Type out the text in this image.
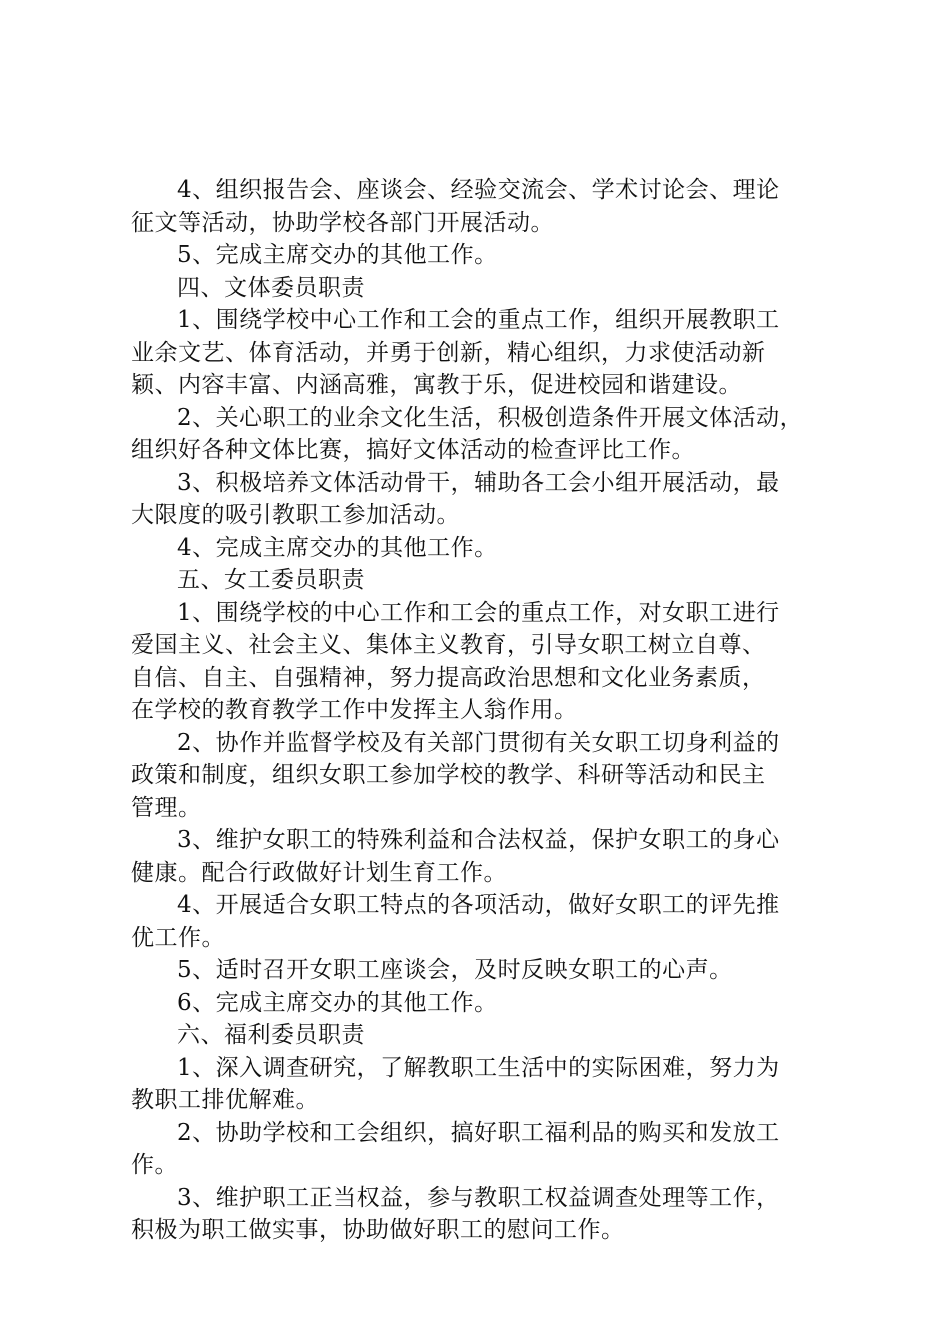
4、组织报告会、座谈会、经验交流会、学术讨论会、理论
征文等活动，协助学校各部门开展活动。
5、完成主席交办的其他工作。
四、文体委员职责
1、围绕学校中心工作和工会的重点工作，组织开展教职工
业余文艺、体育活动，并勇于创新，精心组织，力求使活动新
颖、内容丰富、内涵高雅，寓教于乐，促进校园和谐建设。
2、关心职工的业余文化生活，积极创造条件开展文体活动，
组织好各种文体比赛，搞好文体活动的检查评比工作。
3、积极培养文体活动骨干，辅助各工会小组开展活动，最
大限度的吸引教职工参加活动。
4、完成主席交办的其他工作。
五、女工委员职责
1、围绕学校的中心工作和工会的重点工作，对女职工进行
爱国主义、社会主义、集体主义教育，引导女职工树立自尊、
自信、自主、自强精神，努力提高政治思想和文化业务素质，
在学校的教育教学工作中发挥主人翁作用。
2、协作并监督学校及有关部门贯彻有关女职工切身利益的
政策和制度，组织女职工参加学校的教学、科研等活动和民主
管理。
3、维护女职工的特殊利益和合法权益，保护女职工的身心
健康。配合行政做好计划生育工作。
4、开展适合女职工特点的各项活动，做好女职工的评先推
优工作。
5、适时召开女职工座谈会，及时反映女职工的心声。
6、完成主席交办的其他工作。
六、福利委员职责
1、深入调查研究，了解教职工生活中的实际困难，努力为
教职工排优解难。
2、协助学校和工会组织，搞好职工福利品的购买和发放工
作。
3、维护职工正当权益，参与教职工权益调查处理等工作，
积极为职工做实事，协助做好职工的慰问工作。
